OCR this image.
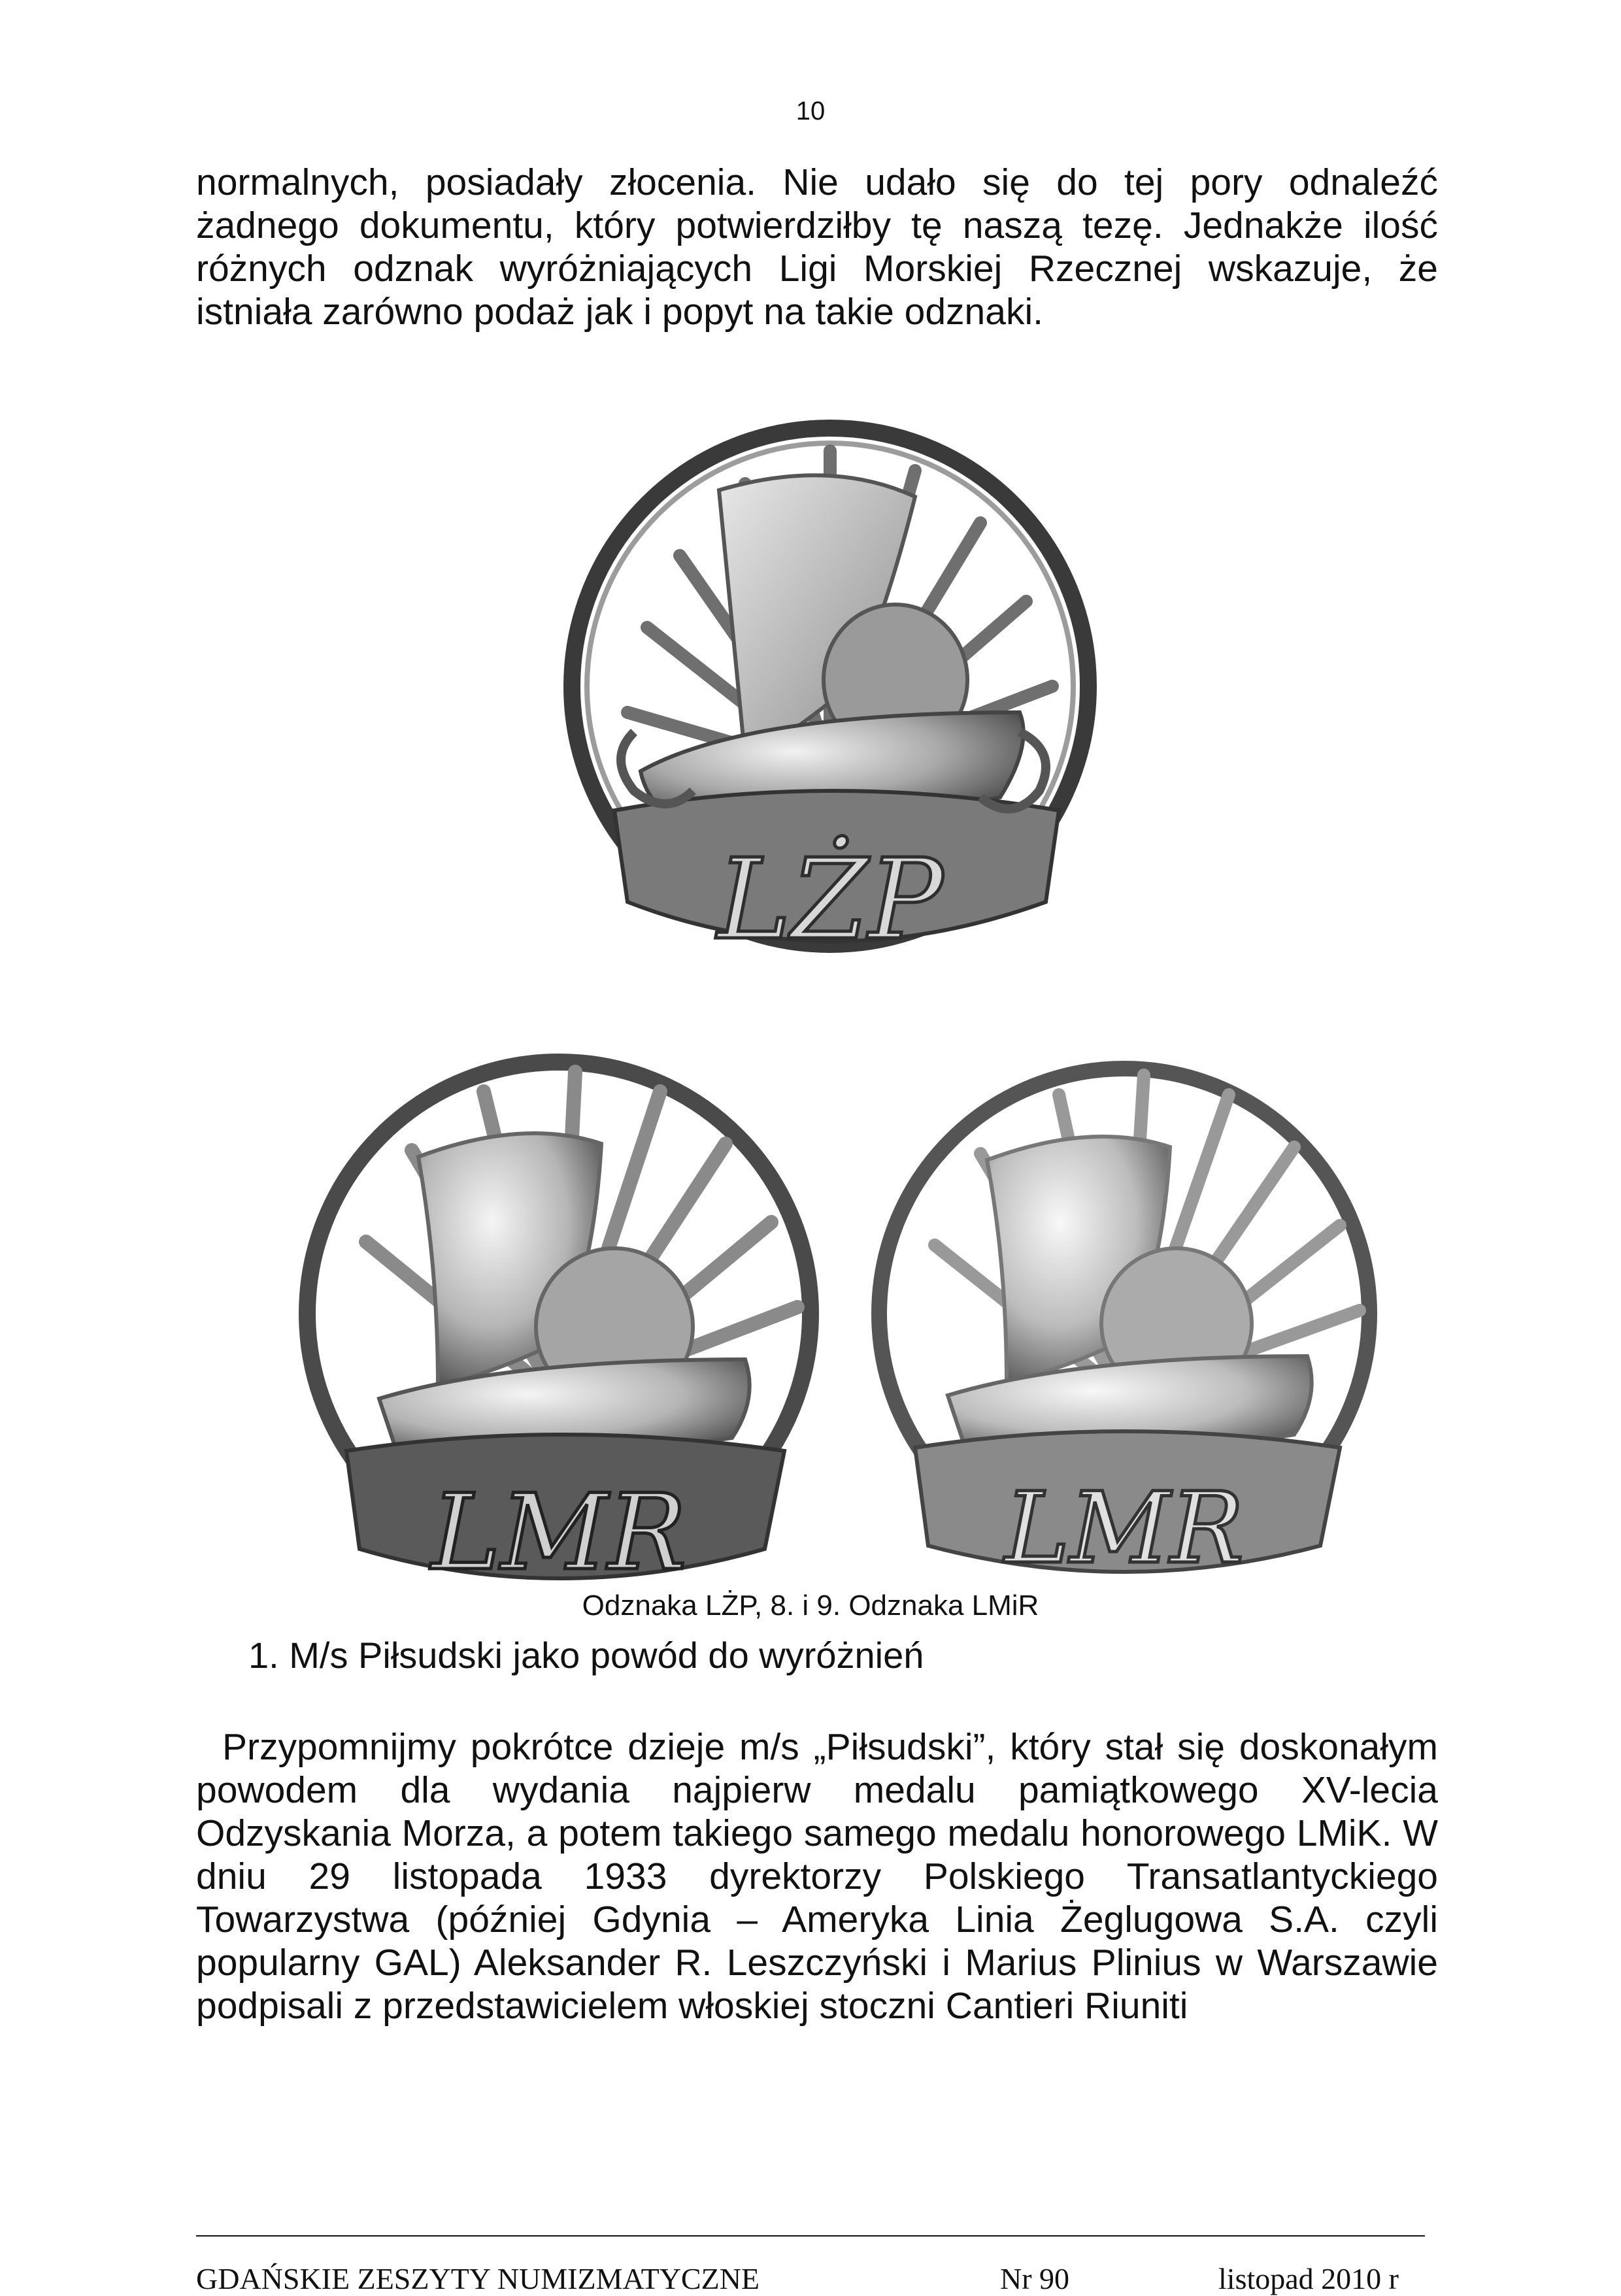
10
normalnych, posiadały złocenia. Nie udało się do tej pory odnaleźć żadnego dokumentu, który potwierdziłby tę naszą tezę. Jednakże ilość różnych odznak wyróżniających Ligi Morskiej Rzecznej wskazuje, że istniała zarówno podaż jak i popyt na takie odznaki.
LŻP
LMR	LMR
Odznaka LŻP, 8. i 9. Odznaka LMiR
1. M/s Piłsudski jako powód do wyróżnień
Przypomnijmy pokrótce dzieje m/s „Piłsudski”, który stał się doskonałym powodem dla wydania najpierw medalu pamiątkowego XV-lecia Odzyskania Morza, a potem takiego samego medalu honorowego LMiK. W dniu 29 listopada 1933 dyrektorzy Polskiego Transatlantyckiego Towarzystwa (później Gdynia – Ameryka Linia Żeglugowa S.A. czyli popularny GAL) Aleksander R. Leszczyński i Marius Plinius w Warszawie podpisali z przedstawicielem włoskiej stoczni Cantieri Riuniti
GDAŃSKIE ZESZYTY NUMIZMATYCZNE	Nr 90	listopad 2010 r
